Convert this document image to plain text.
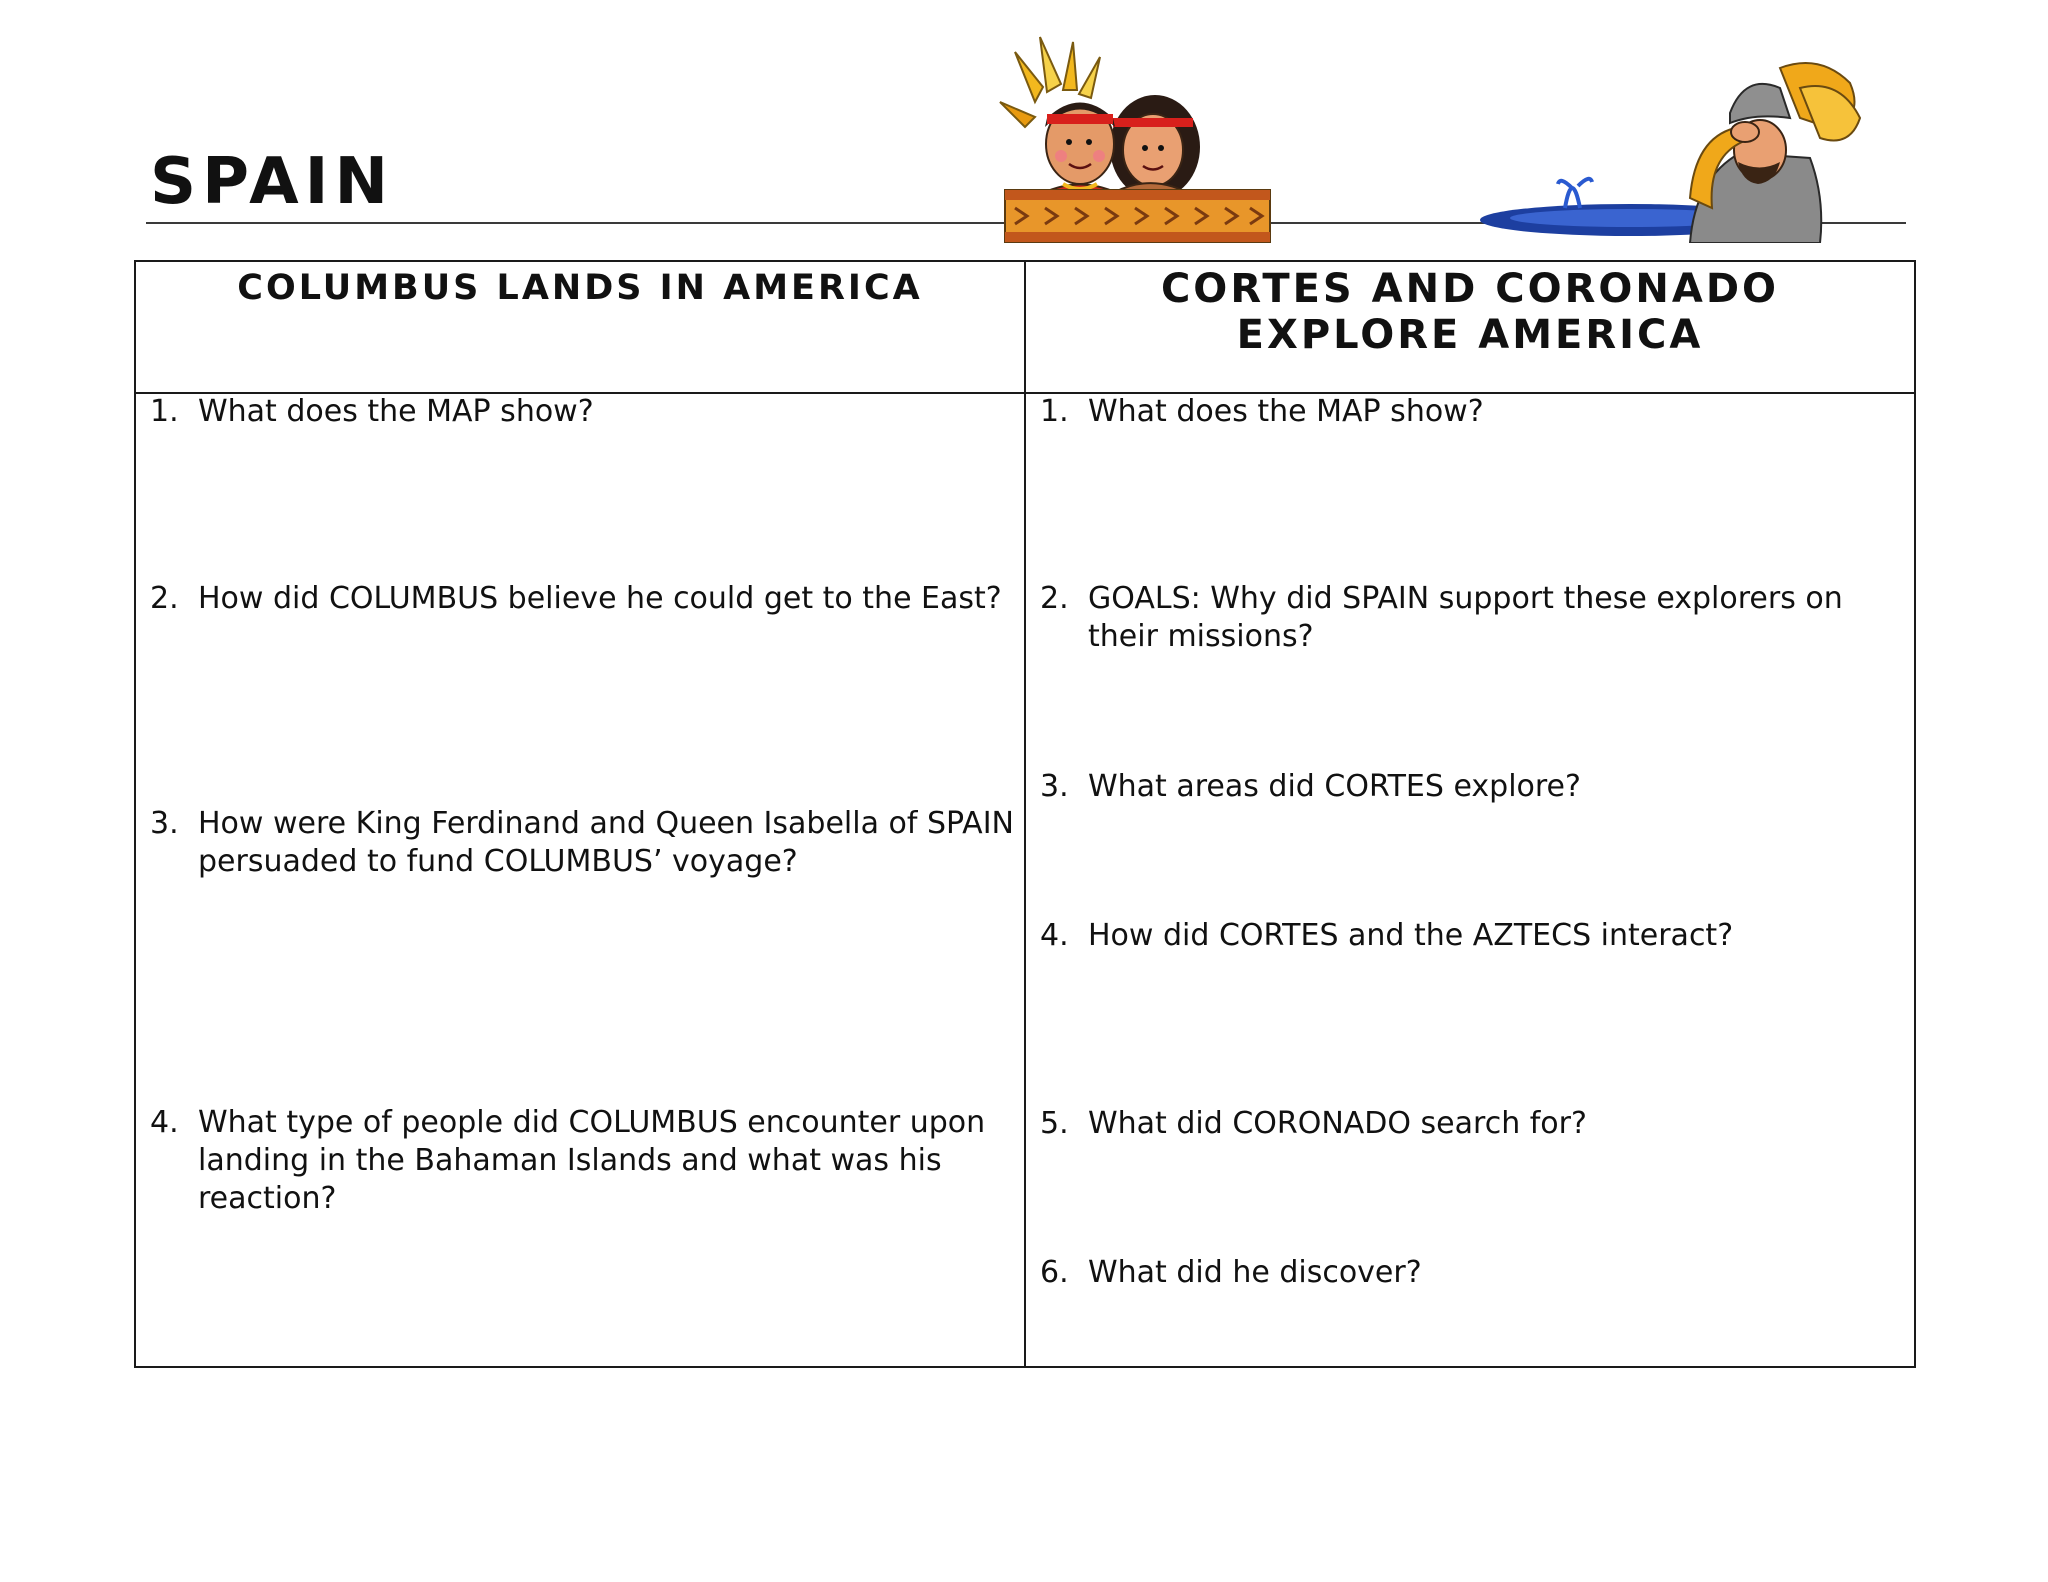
SPAIN
COLUMBUS LANDS IN AMERICA	CORTES AND CORONADO
EXPLORE AMERICA
1. What does the MAP show?
2. How did COLUMBUS believe he could get to the East?
3. How were King Ferdinand and Queen Isabella of SPAIN persuaded to fund COLUMBUS’ voyage?
4. What type of people did COLUMBUS encounter upon landing in the Bahaman Islands and what was his reaction?
1. What does the MAP show?
2. GOALS: Why did SPAIN support these explorers on their missions?
3. What areas did CORTES explore?
4. How did CORTES and the AZTECS interact?
5. What did CORONADO search for?
6. What did he discover?
